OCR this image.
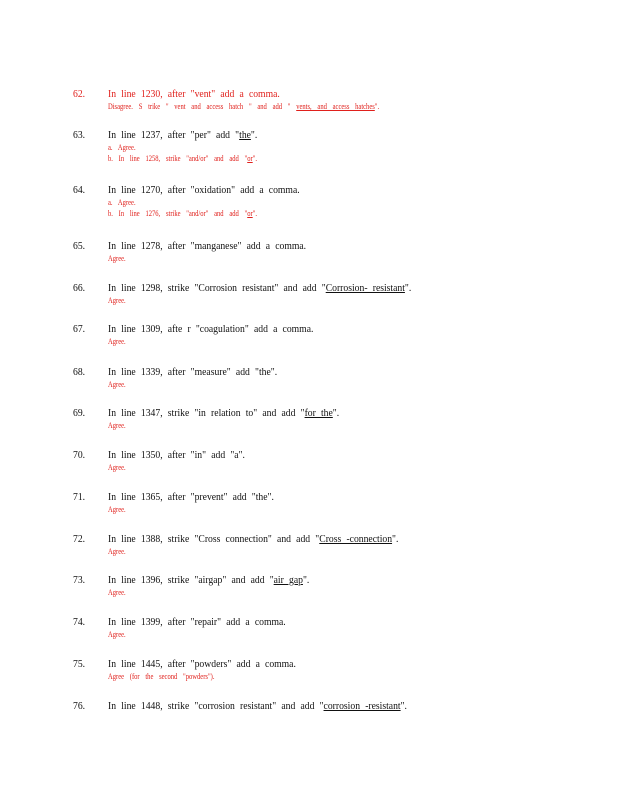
62. In line 1230, after "vent" add a comma.
Disagree. S trike " vent and access hatch " and add " vents, and access hatches".
63. In line 1237, after "per" add "the".
a. Agree.
b. In line 1258, strike "and/or" and add "or".
64. In line 1270, after "oxidation" add a comma.
a. Agree.
b. In line 1276, strike "and/or" and add "or".
65. In line 1278, after "manganese" add a comma.
Agree.
66. In line 1298, strike "Corrosion resistant" and add "Corrosion- resistant".
Agree.
67. In line 1309, afte r "coagulation" add a comma.
Agree.
68. In line 1339, after "measure" add "the".
Agree.
69. In line 1347, strike "in relation to" and add "for the".
Agree.
70. In line 1350, after "in" add "a".
Agree.
71. In line 1365, after "prevent" add "the".
Agree.
72. In line 1388, strike "Cross connection" and add "Cross -connection".
Agree.
73. In line 1396, strike "airgap" and add "air gap".
Agree.
74. In line 1399, after "repair" add a comma.
Agree.
75. In line 1445, after "powders" add a comma.
Agree (for the second "powders").
76. In line 1448, strike "corrosion resistant" and add "corrosion -resistant".
